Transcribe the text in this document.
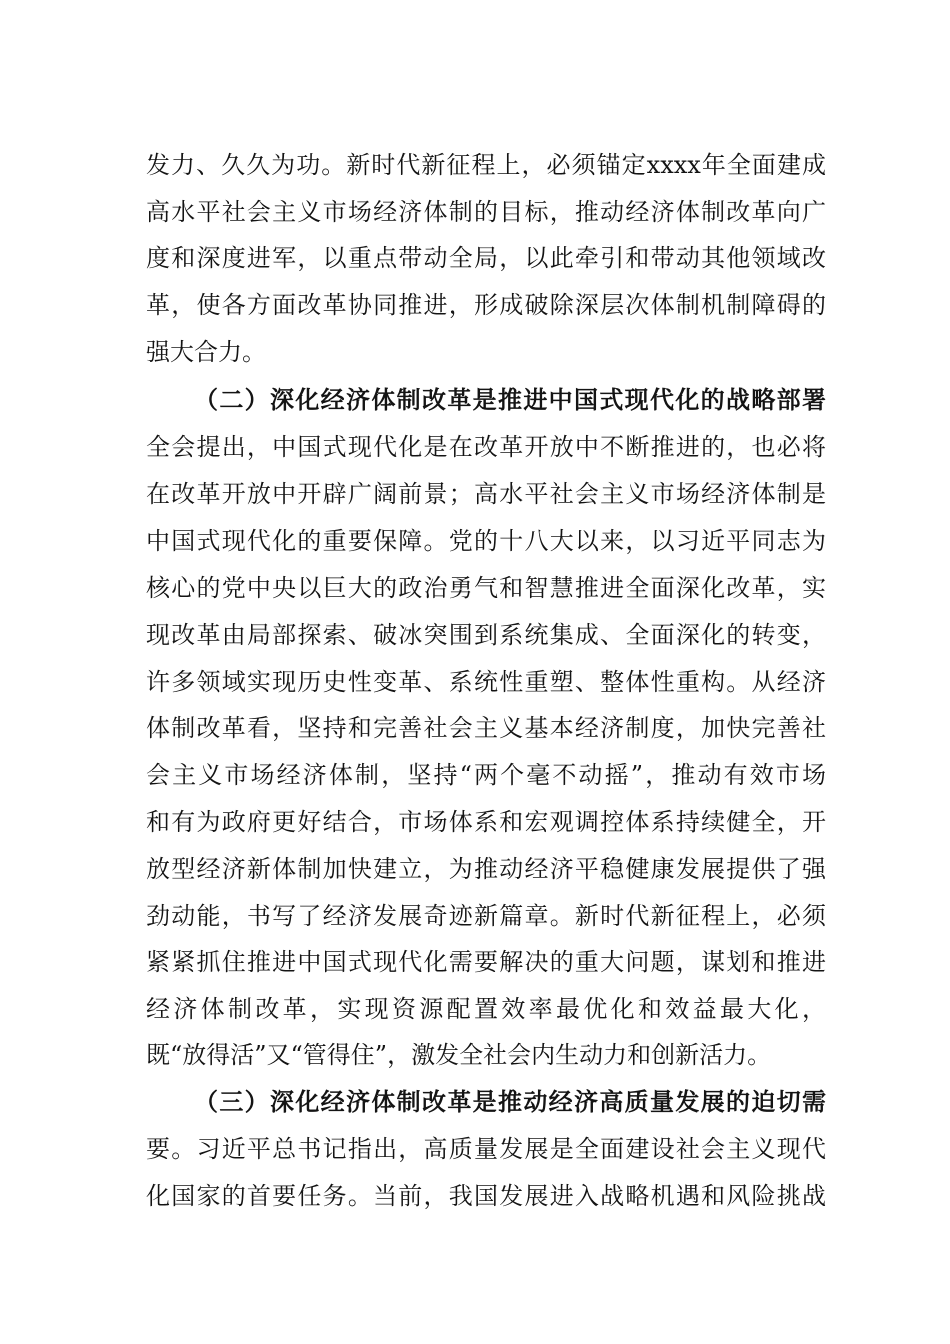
发力、久久为功。新时代新征程上，必须锚定xxxx年全面建成
高水平社会主义市场经济体制的目标，推动经济体制改革向广
度和深度进军，以重点带动全局，以此牵引和带动其他领域改
革，使各方面改革协同推进，形成破除深层次体制机制障碍的
强大合力。
（二）深化经济体制改革是推进中国式现代化的战略部署
全会提出，中国式现代化是在改革开放中不断推进的，也必将
在改革开放中开辟广阔前景；高水平社会主义市场经济体制是
中国式现代化的重要保障。党的十八大以来，以习近平同志为
核心的党中央以巨大的政治勇气和智慧推进全面深化改革，实
现改革由局部探索、破冰突围到系统集成、全面深化的转变，
许多领域实现历史性变革、系统性重塑、整体性重构。从经济
体制改革看，坚持和完善社会主义基本经济制度，加快完善社
会主义市场经济体制，坚持“两个毫不动摇”，推动有效市场
和有为政府更好结合，市场体系和宏观调控体系持续健全，开
放型经济新体制加快建立，为推动经济平稳健康发展提供了强
劲动能，书写了经济发展奇迹新篇章。新时代新征程上，必须
紧紧抓住推进中国式现代化需要解决的重大问题，谋划和推进
经济体制改革，实现资源配置效率最优化和效益最大化，
既“放得活”又“管得住”，激发全社会内生动力和创新活力。
（三）深化经济体制改革是推动经济高质量发展的迫切需
要。习近平总书记指出，高质量发展是全面建设社会主义现代
化国家的首要任务。当前，我国发展进入战略机遇和风险挑战
